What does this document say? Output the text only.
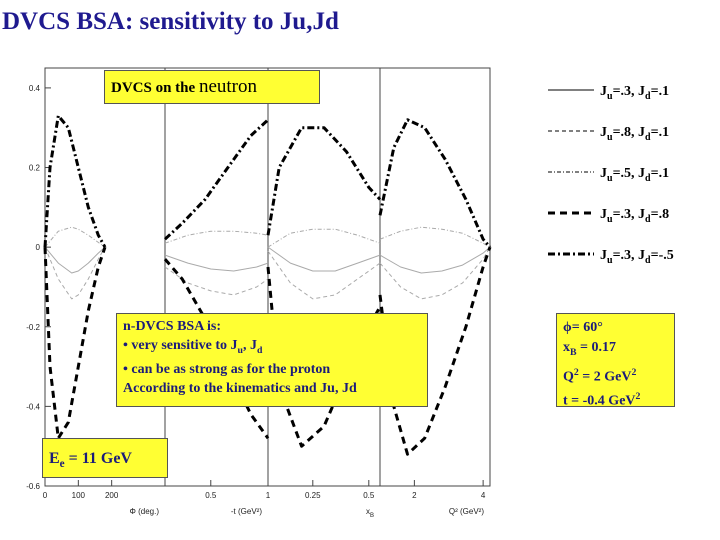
DVCS BSA: sensitivity to Ju,Jd
0.4
0.2
0
-0.2
-0.4
-0.6
0	100 200
Φ (deg.)
0.5	1
-t (GeV²)
0.25	0.5
$x_B$
2	4
Q² (GeV²)
$J_u=.3$, $J_d=.1$
$J_u=.8$, $J_d=.1$
$J_u=.5$, $J_d=.1$
$J_u=.3$, $J_d=.8$
$J_u=.3$, $J_d=-.5$
DVCS on the neutron
n-DVCS BSA is:
• very sensitive to $J_u$, $J_d$
• can be as strong as for the proton
According to the kinematics and Ju, Jd
ϕ= 60°
$x_B = 0.17$
$Q^2 = 2$ GeV$^2$
t = -0.4 GeV$^2$
$E_e = 11$ GeV
